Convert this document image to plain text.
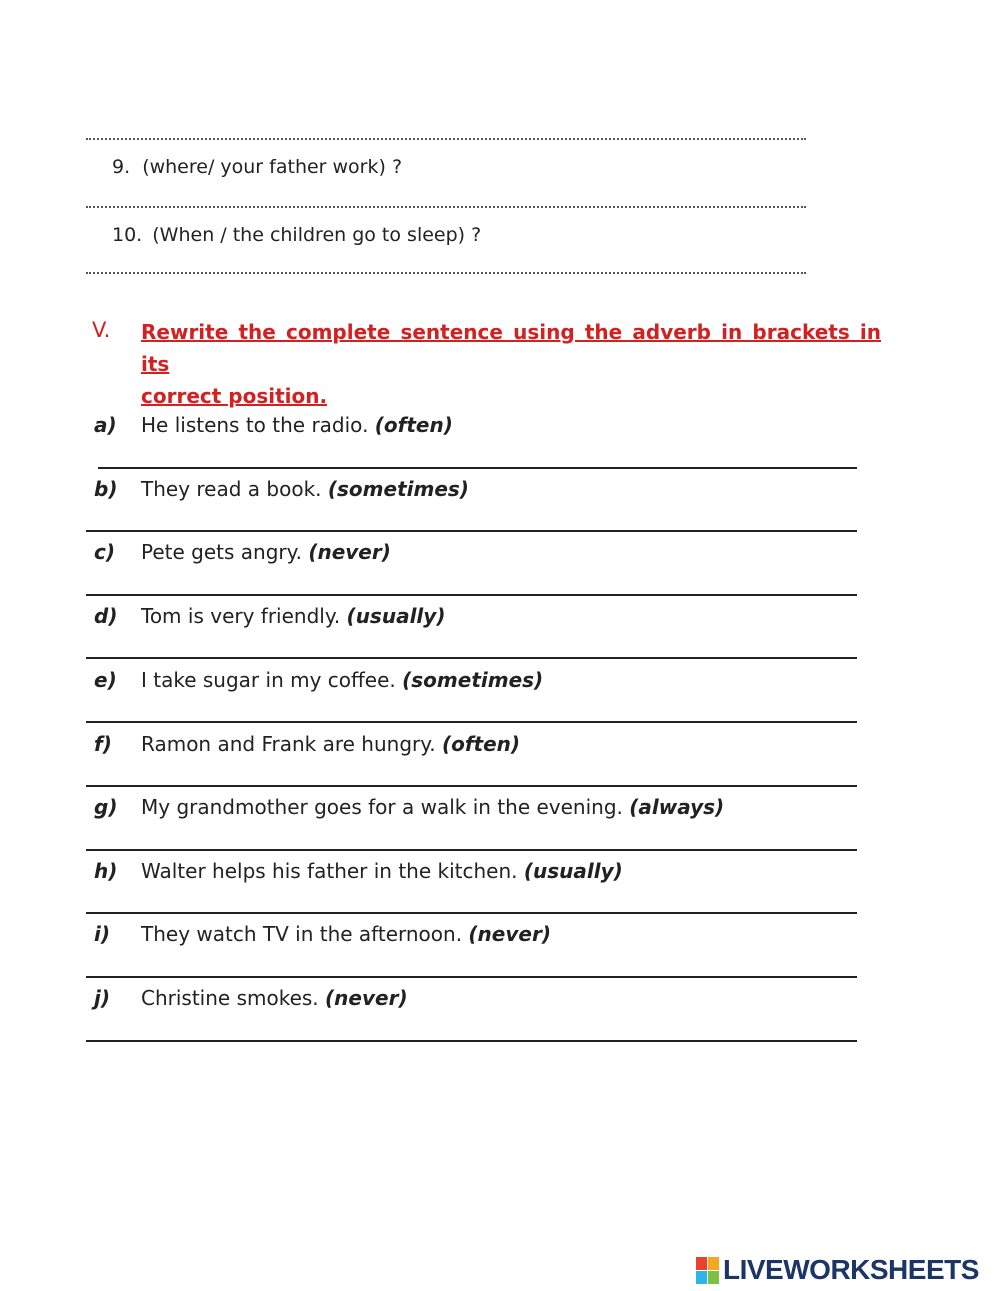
9. (where/ your father work) ?
10. (When / the children go to sleep) ?
V. Rewrite the complete sentence using the adverb in brackets in its
correct position.
a) He listens to the radio. (often)
b) They read a book. (sometimes)
c) Pete gets angry. (never)
d) Tom is very friendly. (usually)
e) I take sugar in my coffee. (sometimes)
f) Ramon and Frank are hungry. (often)
g) My grandmother goes for a walk in the evening. (always)
h) Walter helps his father in the kitchen. (usually)
i) They watch TV in the afternoon. (never)
j) Christine smokes. (never)
LIVEWORKSHEETS
